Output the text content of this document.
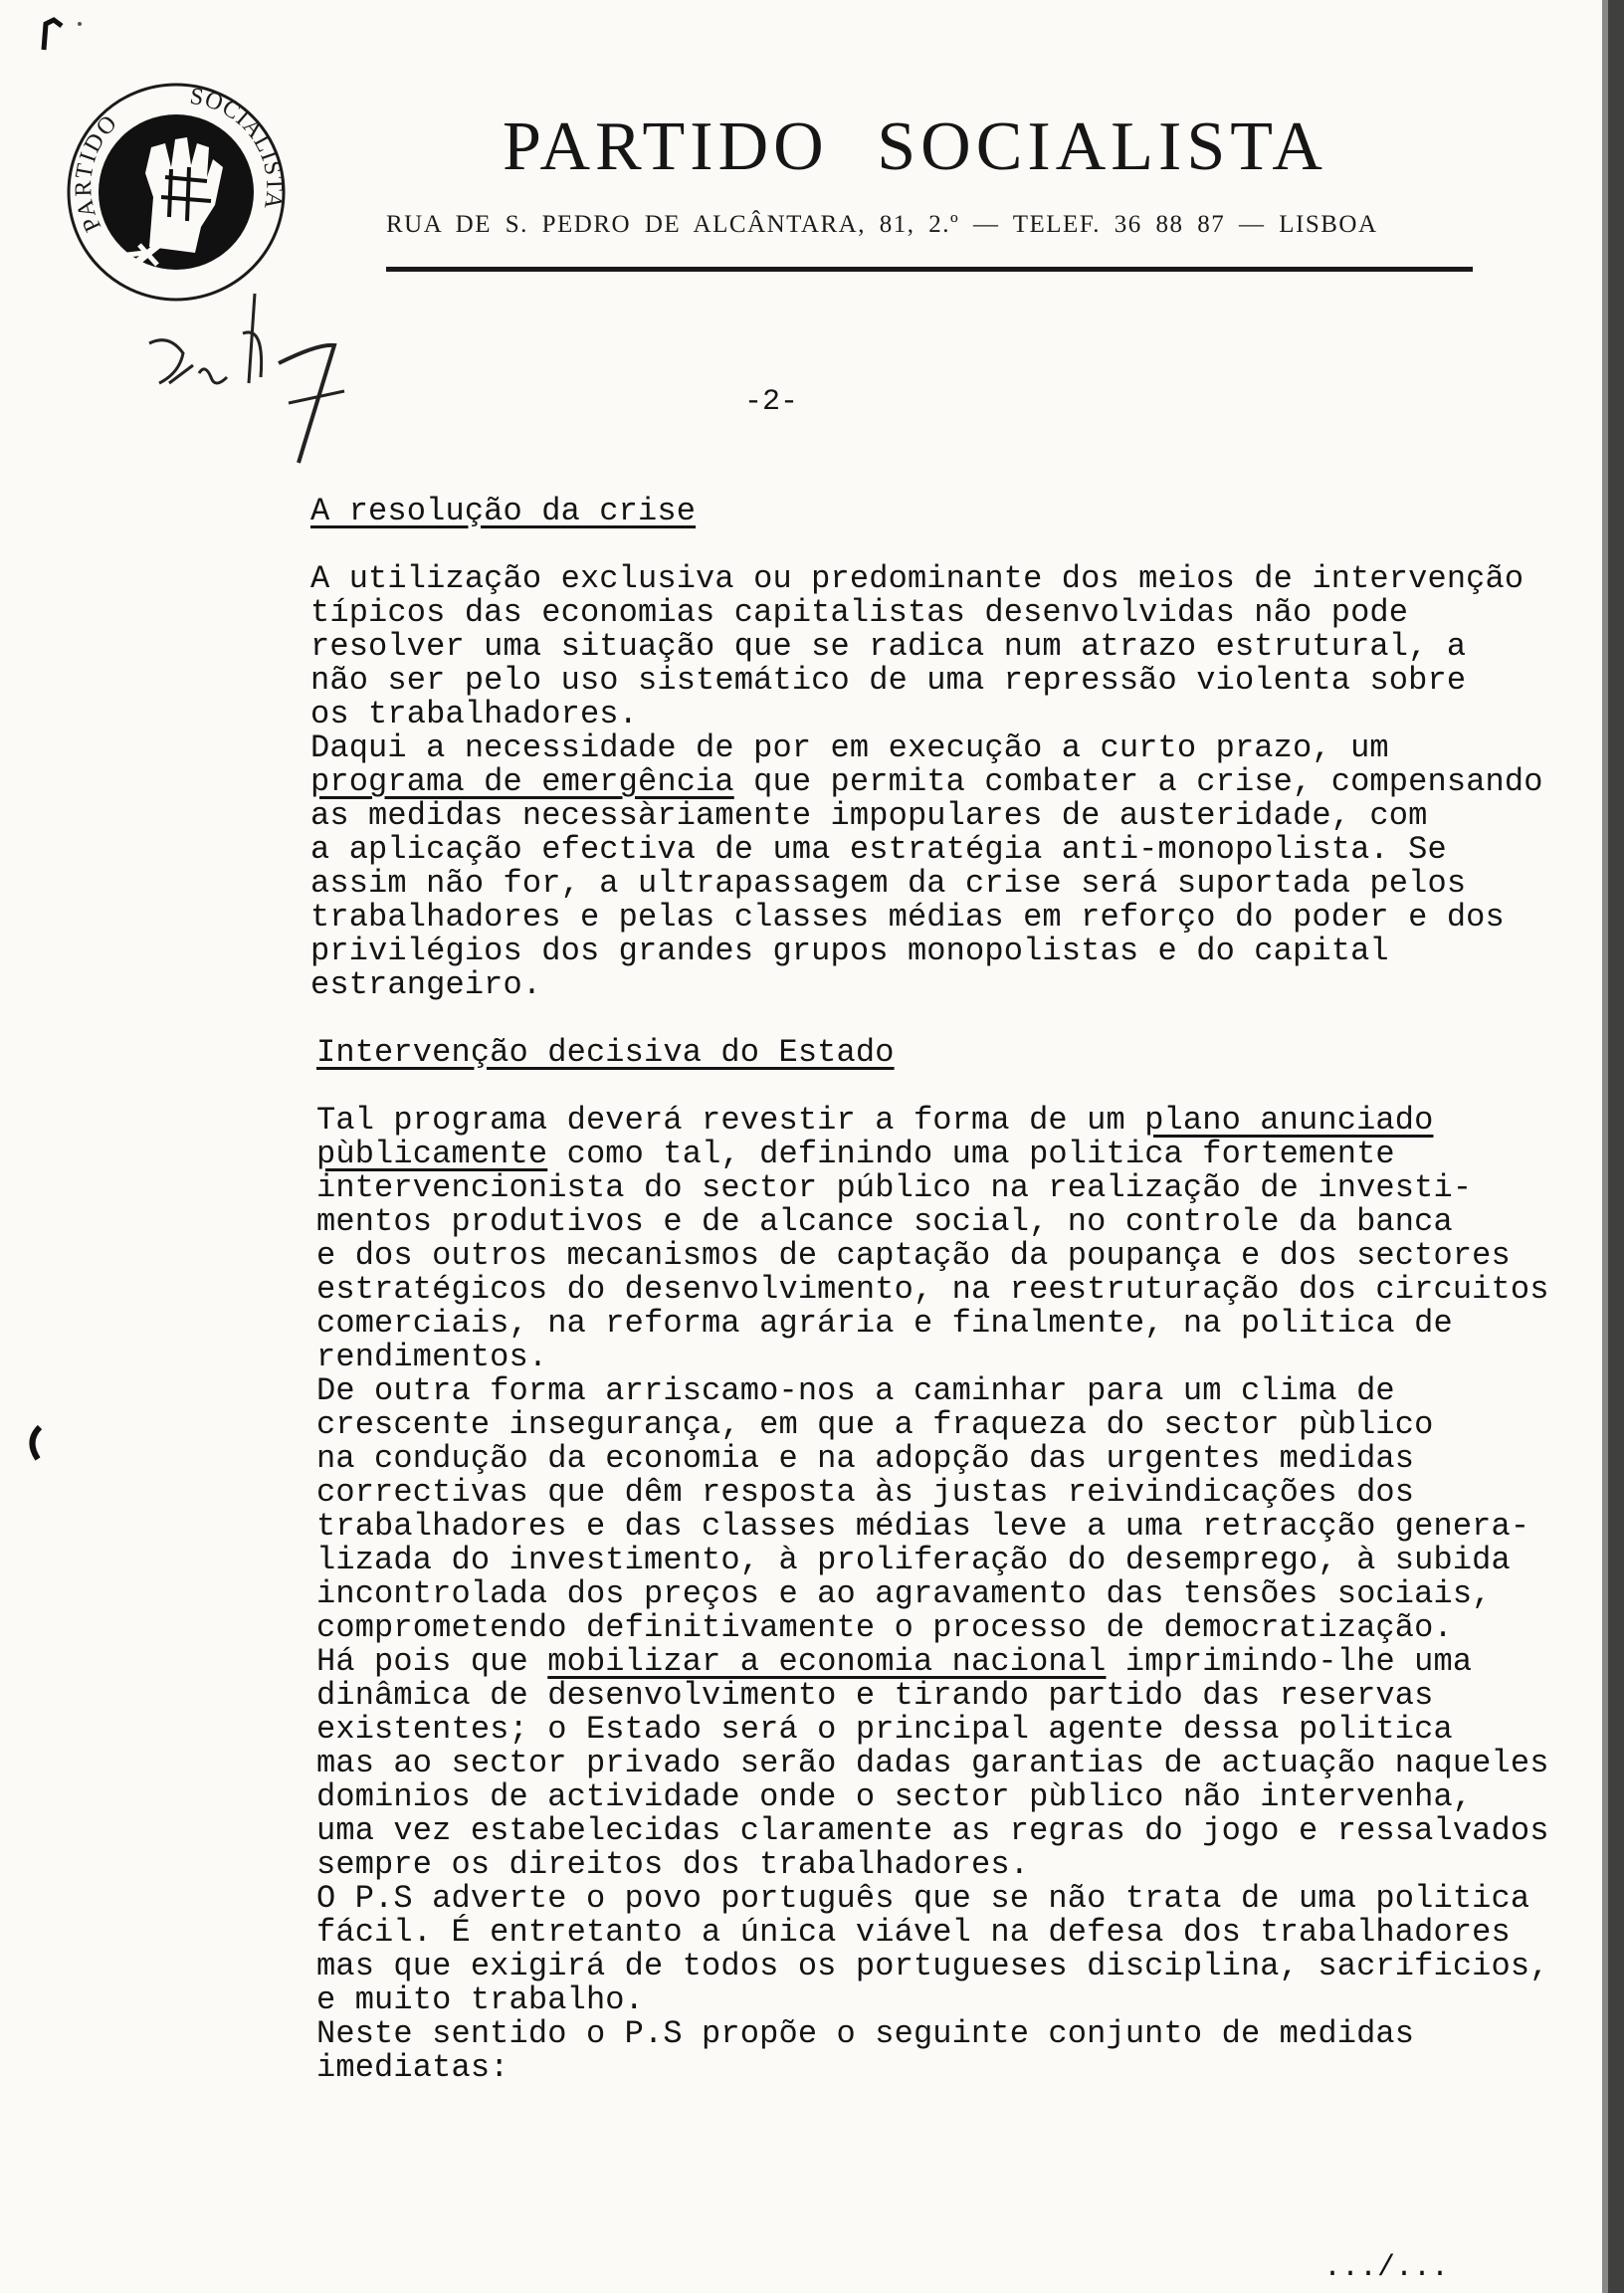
PARTIDO
SOCIALISTA
PARTIDO SOCIALISTA
RUA DE S. PEDRO DE ALCÂNTARA, 81, 2.º — TELEF. 36 88 87 — LISBOA
-2-
A resolução da crise
A utilização exclusiva ou predominante dos meios de intervenção
típicos das economias capitalistas desenvolvidas não pode
resolver uma situação que se radica num atrazo estrutural, a
não ser pelo uso sistemático de uma repressão violenta sobre
os trabalhadores.
Daqui a necessidade de por em execução a curto prazo, um
programa de emergência que permita combater a crise, compensando
as medidas necessàriamente impopulares de austeridade, com
a aplicação efectiva de uma estratégia anti-monopolista. Se
assim não for, a ultrapassagem da crise será suportada pelos
trabalhadores e pelas classes médias em reforço do poder e dos
privilégios dos grandes grupos monopolistas e do capital
estrangeiro.
Intervenção decisiva do Estado
Tal programa deverá revestir a forma de um plano anunciado
pùblicamente como tal, definindo uma politica fortemente
intervencionista do sector público na realização de investi-
mentos produtivos e de alcance social, no controle da banca
e dos outros mecanismos de captação da poupança e dos sectores
estratégicos do desenvolvimento, na reestruturação dos circuitos
comerciais, na reforma agrária e finalmente, na politica de
rendimentos.
De outra forma arriscamo-nos a caminhar para um clima de
crescente insegurança, em que a fraqueza do sector pùblico
na condução da economia e na adopção das urgentes medidas
correctivas que dêm resposta às justas reivindicações dos
trabalhadores e das classes médias leve a uma retracção genera-
lizada do investimento, à proliferação do desemprego, à subida
incontrolada dos preços e ao agravamento das tensões sociais,
comprometendo definitivamente o processo de democratização.
Há pois que mobilizar a economia nacional imprimindo-lhe uma
dinâmica de desenvolvimento e tirando partido das reservas
existentes; o Estado será o principal agente dessa politica
mas ao sector privado serão dadas garantias de actuação naqueles
dominios de actividade onde o sector pùblico não intervenha,
uma vez estabelecidas claramente as regras do jogo e ressalvados
sempre os direitos dos trabalhadores.
O P.S adverte o povo português que se não trata de uma politica
fácil. É entretanto a única viável na defesa dos trabalhadores
mas que exigirá de todos os portugueses disciplina, sacrificios,
e muito trabalho.
Neste sentido o P.S propõe o seguinte conjunto de medidas
imediatas:
.../...
